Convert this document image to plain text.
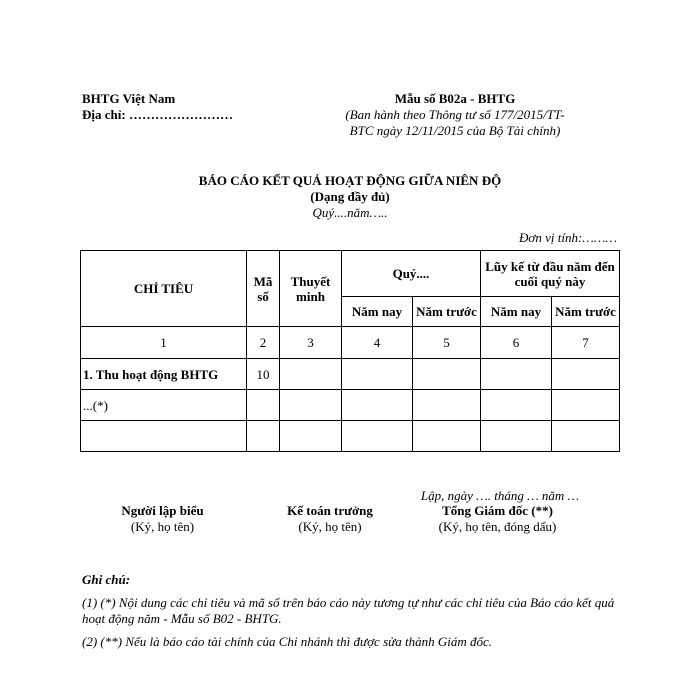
BHTG Việt Nam
Địa chỉ: ……………………
Mẫu số B02a - BHTG
(Ban hành theo Thông tư số 177/2015/TT-
BTC ngày 12/11/2015 của Bộ Tài chính)
BÁO CÁO KẾT QUẢ HOẠT ĐỘNG GIỮA NIÊN ĐỘ
(Dạng đầy đủ)
Quý....năm…..
Đơn vị tính:………
CHỈ TIÊU	Mã số	Thuyết minh	Quý....		Lũy kế từ đầu năm đến cuối quý này	
			Năm nay	Năm trước	Năm nay	Năm trước
1	2	3	4	5	6	7
1. Thu hoạt động BHTG	10					
...(*)						

Lập, ngày …. tháng … năm …
Người lập biểu
(Ký, họ tên)
Kế toán trưởng
(Ký, họ tên)
Tổng Giám đốc (**)
(Ký, họ tên, đóng dấu)

Ghi chú:

(1) (*) Nội dung các chỉ tiêu và mã số trên báo cáo này tương tự như các chỉ tiêu của Báo cáo kết quả hoạt động năm - Mẫu số B02 - BHTG.

(2) (**) Nếu là báo cáo tài chính của Chi nhánh thì được sửa thành Giám đốc.
